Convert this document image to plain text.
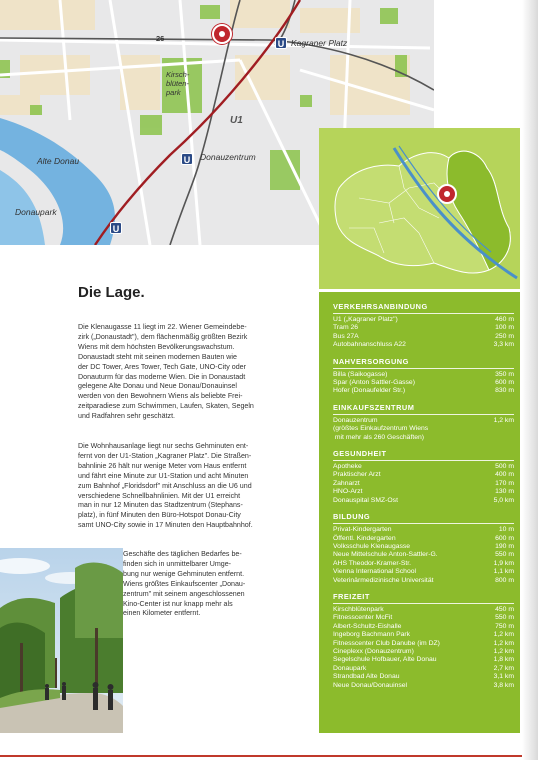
26	Kagraner Platz
Kirsch-
blüten-
park
U1
Alte Donau	Donauzentrum
Donaupark
U
U
U
VERKEHRSANBINDUNG
U1 („Kagraner Platz")	460 m
Tram 26	100 m
Bus 27A	250 m
Autobahnanschluss A22	3,3 km
NAHVERSORGUNG
Billa (Saikogasse)	350 m
Spar (Anton Sattler-Gasse)	600 m
Hofer (Donaufelder Str.)	830 m
EINKAUFSZENTRUM
Donauzentrum	1,2 km
(größtes Einkaufzentrum Wiens
mit mehr als 260 Geschäften)
GESUNDHEIT
Apotheke	500 m
Praktischer Arzt	400 m
Zahnarzt	170 m
HNO-Arzt	130 m
Donauspital SMZ-Ost	5,0 km
BILDUNG
Privat-Kindergarten	10 m
Öffentl. Kindergarten	600 m
Volksschule Klenaugasse	190 m
Neue Mittelschule Anton-Sattler-G.	550 m
AHS Theodor-Kramer-Str.	1,9 km
Vienna International School	1,1 km
Veterinärmedizinische Universität	800 m
FREIZEIT
Kirschblütenpark	450 m
Fitnesscenter McFit	550 m
Albert-Schultz-Eishalle	750 m
Ingeborg Bachmann Park	1,2 km
Fitnesscenter Club Danube (im DZ)	1,2 km
Cineplexx (Donauzentrum)	1,2 km
Segelschule Hofbauer, Alte Donau	1,8 km
Donaupark	2,7 km
Strandbad Alte Donau	3,1 km
Neue Donau/Donauinsel	3,8 km
Die Lage.
Die Klenaugasse 11 liegt im 22. Wiener Gemeindebe-
zirk („Donaustadt"), dem flächenmäßig größten Bezirk
Wiens mit dem höchsten Bevölkerungswachstum.
Donaustadt steht mit seinen modernen Bauten wie
der DC Tower, Ares Tower, Tech Gate, UNO-City oder
Donauturm für das moderne Wien. Die in Donaustadt
gelegene Alte Donau und Neue Donau/Donauinsel
werden von den Bewohnern Wiens als beliebte Frei-
zeitparadiese zum Schwimmen, Laufen, Skaten, Segeln
und Radfahren sehr geschätzt.
Die Wohnhausanlage liegt nur sechs Gehminuten ent-
fernt von der U1-Station „Kagraner Platz". Die Straßen-
bahnlinie 26 hält nur wenige Meter vom Haus entfernt
und fährt eine Minute zur U1-Station und acht Minuten
zum Bahnhof „Floridsdorf" mit Anschluss an die U6 und
verschiedene Schnellbahnlinien. Mit der U1 erreicht
man in nur 12 Minuten das Stadtzentrum (Stephans-
platz), in fünf Minuten den Büro-Hotspot Donau-City
samt UNO-City sowie in 17 Minuten den Hauptbahnhof.
Geschäfte des täglichen Bedarfes be-
finden sich in unmittelbarer Umge-
bung nur wenige Gehminuten entfernt.
Wiens größtes Einkaufscenter „Donau-
zentrum" mit seinem angeschlossenen
Kino-Center ist nur knapp mehr als
einen Kilometer entfernt.
